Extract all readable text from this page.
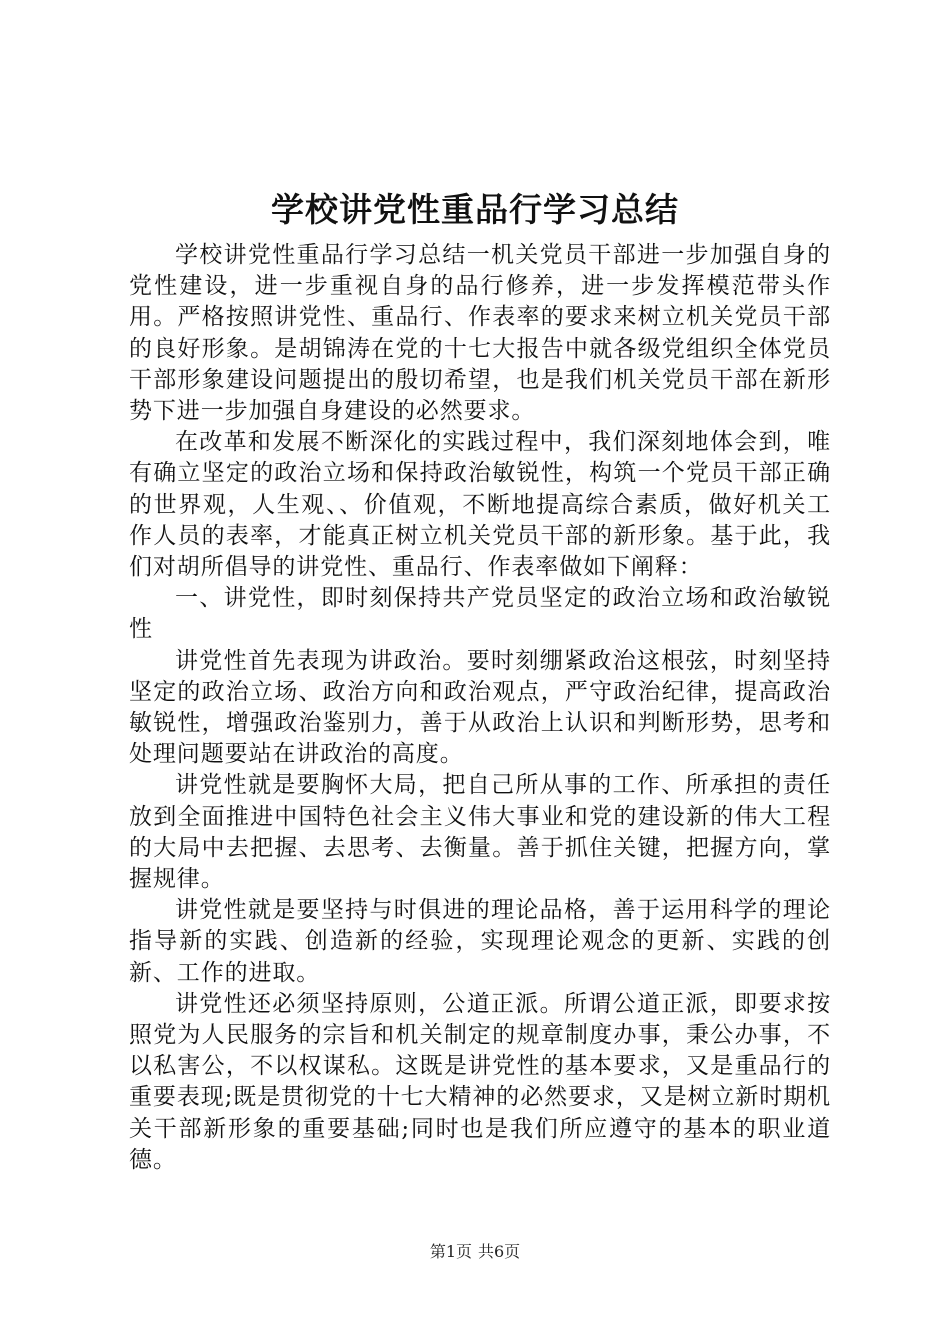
学校讲党性重品行学习总结

学校讲党性重品行学习总结一机关党员干部进一步加强自身的党性建设，进一步重视自身的品行修养，进一步发挥模范带头作用。严格按照讲党性、重品行、作表率的要求来树立机关党员干部的良好形象。是胡锦涛在党的十七大报告中就各级党组织全体党员干部形象建设问题提出的殷切希望，也是我们机关党员干部在新形势下进一步加强自身建设的必然要求。

在改革和发展不断深化的实践过程中，我们深刻地体会到，唯有确立坚定的政治立场和保持政治敏锐性，构筑一个党员干部正确的世界观，人生观、、价值观，不断地提高综合素质，做好机关工作人员的表率，才能真正树立机关党员干部的新形象。基于此，我们对胡所倡导的讲党性、重品行、作表率做如下阐释：

一、讲党性，即时刻保持共产党员坚定的政治立场和政治敏锐性

讲党性首先表现为讲政治。要时刻绷紧政治这根弦，时刻坚持坚定的政治立场、政治方向和政治观点，严守政治纪律，提高政治敏锐性，增强政治鉴别力，善于从政治上认识和判断形势，思考和处理问题要站在讲政治的高度。

讲党性就是要胸怀大局，把自己所从事的工作、所承担的责任放到全面推进中国特色社会主义伟大事业和党的建设新的伟大工程的大局中去把握、去思考、去衡量。善于抓住关键，把握方向，掌握规律。

讲党性就是要坚持与时俱进的理论品格，善于运用科学的理论指导新的实践、创造新的经验，实现理论观念的更新、实践的创新、工作的进取。

讲党性还必须坚持原则，公道正派。所谓公道正派，即要求按照党为人民服务的宗旨和机关制定的规章制度办事，秉公办事，不以私害公，不以权谋私。这既是讲党性的基本要求，又是重品行的重要表现;既是贯彻党的十七大精神的必然要求，又是树立新时期机关干部新形象的重要基础;同时也是我们所应遵守的基本的职业道德。

第1页 共6页
